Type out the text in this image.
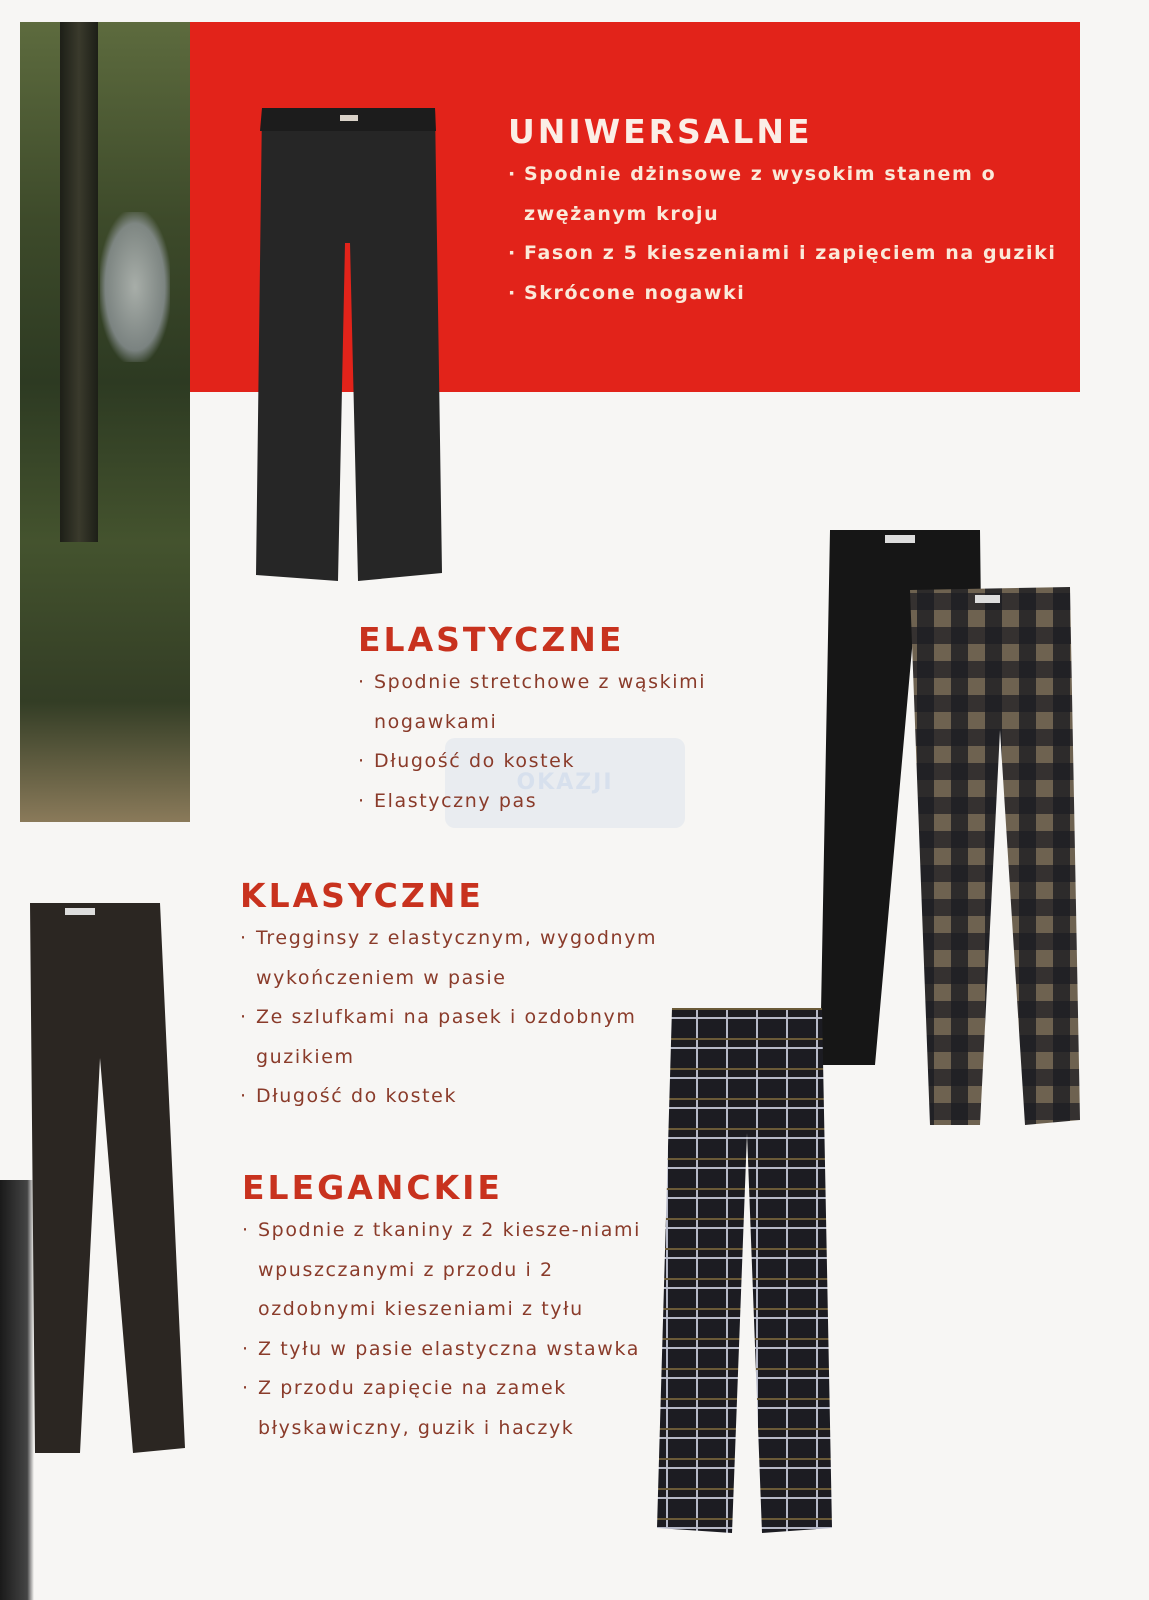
OKAZJI
UNIWERSALNE
· Spodnie dżinsowe z wysokim stanem o zwężanym kroju
· Fason z 5 kieszeniami i zapięciem na guziki
· Skrócone nogawki
ELASTYCZNE
· Spodnie stretchowe z wąskimi nogawkami
· Długość do kostek
· Elastyczny pas
KLASYCZNE
· Tregginsy z elastycznym, wygodnym wykończeniem w pasie
· Ze szlufkami na pasek i ozdobnym guzikiem
· Długość do kostek
ELEGANCKIE
· Spodnie z tkaniny z 2 kiesze-niami wpuszczanymi z przodu i 2 ozdobnymi kieszeniami z tyłu
· Z tyłu w pasie elastyczna wstawka
· Z przodu zapięcie na zamek błyskawiczny, guzik i haczyk
